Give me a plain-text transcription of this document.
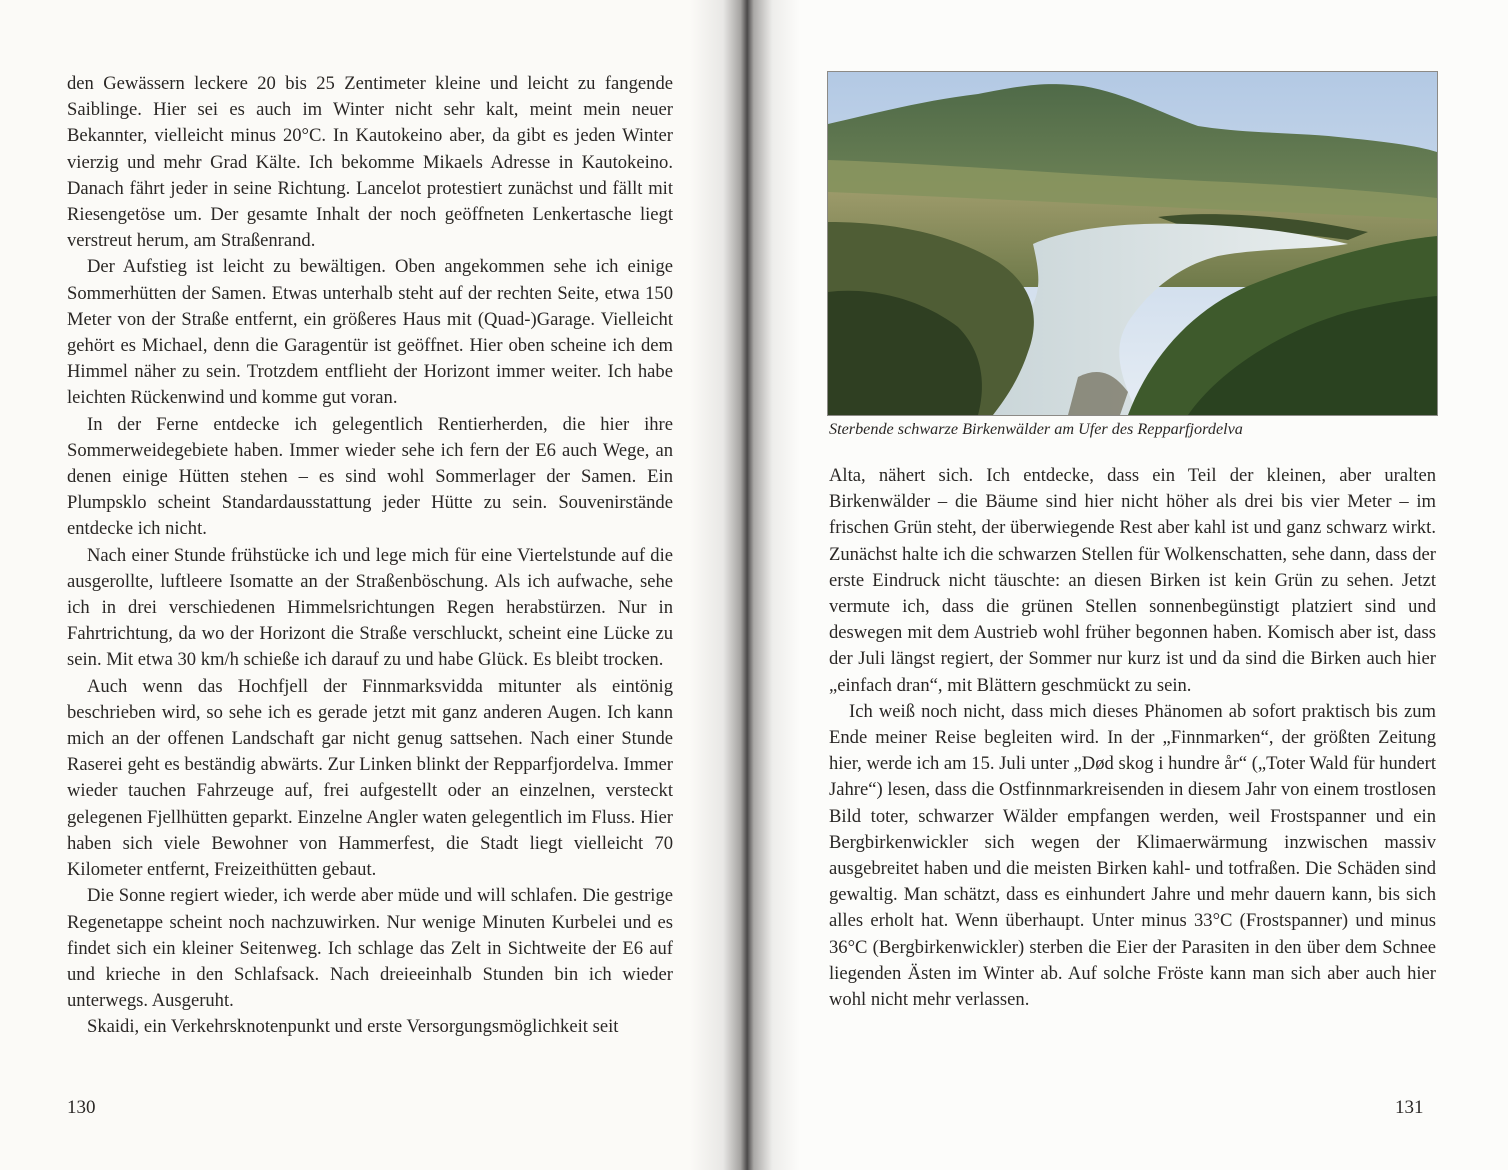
den Gewässern leckere 20 bis 25 Zentimeter kleine und leicht zu fangende Saiblinge. Hier sei es auch im Winter nicht sehr kalt, meint mein neuer Bekannter, vielleicht minus 20°C. In Kautokeino aber, da gibt es jeden Winter vierzig und mehr Grad Kälte. Ich bekomme Mikaels Adresse in Kautokeino. Danach fährt jeder in seine Richtung. Lancelot protestiert zunächst und fällt mit Riesengetöse um. Der gesamte Inhalt der noch geöffneten Lenkertasche liegt verstreut herum, am Straßenrand.

Der Aufstieg ist leicht zu bewältigen. Oben angekommen sehe ich einige Sommerhütten der Samen. Etwas unterhalb steht auf der rechten Seite, etwa 150 Meter von der Straße entfernt, ein größeres Haus mit (Quad-)Garage. Vielleicht gehört es Michael, denn die Garagentür ist geöffnet. Hier oben scheine ich dem Himmel näher zu sein. Trotzdem entflieht der Horizont immer weiter. Ich habe leichten Rückenwind und komme gut voran.

In der Ferne entdecke ich gelegentlich Rentierherden, die hier ihre Sommerweidegebiete haben. Immer wieder sehe ich fern der E6 auch Wege, an denen einige Hütten stehen – es sind wohl Sommerlager der Samen. Ein Plumpsklo scheint Standardausstattung jeder Hütte zu sein. Souvenirstände entdecke ich nicht.

Nach einer Stunde frühstücke ich und lege mich für eine Viertelstunde auf die ausgerollte, luftleere Isomatte an der Straßenböschung. Als ich aufwache, sehe ich in drei verschiedenen Himmelsrichtungen Regen herabstürzen. Nur in Fahrtrichtung, da wo der Horizont die Straße verschluckt, scheint eine Lücke zu sein. Mit etwa 30 km/h schieße ich darauf zu und habe Glück. Es bleibt trocken.

Auch wenn das Hochfjell der Finnmarksvidda mitunter als eintönig beschrieben wird, so sehe ich es gerade jetzt mit ganz anderen Augen. Ich kann mich an der offenen Landschaft gar nicht genug sattsehen. Nach einer Stunde Raserei geht es beständig abwärts. Zur Linken blinkt der Repparfjordelva. Immer wieder tauchen Fahrzeuge auf, frei aufgestellt oder an einzelnen, versteckt gelegenen Fjellhütten geparkt. Einzelne Angler waten gelegentlich im Fluss. Hier haben sich viele Bewohner von Hammerfest, die Stadt liegt vielleicht 70 Kilometer entfernt, Freizeithütten gebaut.

Die Sonne regiert wieder, ich werde aber müde und will schlafen. Die gestrige Regenetappe scheint noch nachzuwirken. Nur wenige Minuten Kurbelei und es findet sich ein kleiner Seitenweg. Ich schlage das Zelt in Sichtweite der E6 auf und krieche in den Schlafsack. Nach dreieeinhalb Stunden bin ich wieder unterwegs. Ausgeruht.

Skaidi, ein Verkehrsknotenpunkt und erste Versorgungsmöglichkeit seit

130
Sterbende schwarze Birkenwälder am Ufer des Repparfjordelva

Alta, nähert sich. Ich entdecke, dass ein Teil der kleinen, aber uralten Birkenwälder – die Bäume sind hier nicht höher als drei bis vier Meter – im frischen Grün steht, der überwiegende Rest aber kahl ist und ganz schwarz wirkt. Zunächst halte ich die schwarzen Stellen für Wolkenschatten, sehe dann, dass der erste Eindruck nicht täuschte: an diesen Birken ist kein Grün zu sehen. Jetzt vermute ich, dass die grünen Stellen sonnenbegünstigt platziert sind und deswegen mit dem Austrieb wohl früher begonnen haben. Komisch aber ist, dass der Juli längst regiert, der Sommer nur kurz ist und da sind die Birken auch hier „einfach dran“, mit Blättern geschmückt zu sein.

Ich weiß noch nicht, dass mich dieses Phänomen ab sofort praktisch bis zum Ende meiner Reise begleiten wird. In der „Finnmarken“, der größten Zeitung hier, werde ich am 15. Juli unter „Død skog i hundre år“ („Toter Wald für hundert Jahre“) lesen, dass die Ostfinnmarkreisenden in diesem Jahr von einem trostlosen Bild toter, schwarzer Wälder empfangen werden, weil Frostspanner und ein Bergbirkenwickler sich wegen der Klimaerwärmung inzwischen massiv ausgebreitet haben und die meisten Birken kahl- und totfraßen. Die Schäden sind gewaltig. Man schätzt, dass es einhundert Jahre und mehr dauern kann, bis sich alles erholt hat. Wenn überhaupt. Unter minus 33°C (Frostspanner) und minus 36°C (Bergbirkenwickler) sterben die Eier der Parasiten in den über dem Schnee liegenden Ästen im Winter ab. Auf solche Fröste kann man sich aber auch hier wohl nicht mehr verlassen.

131
